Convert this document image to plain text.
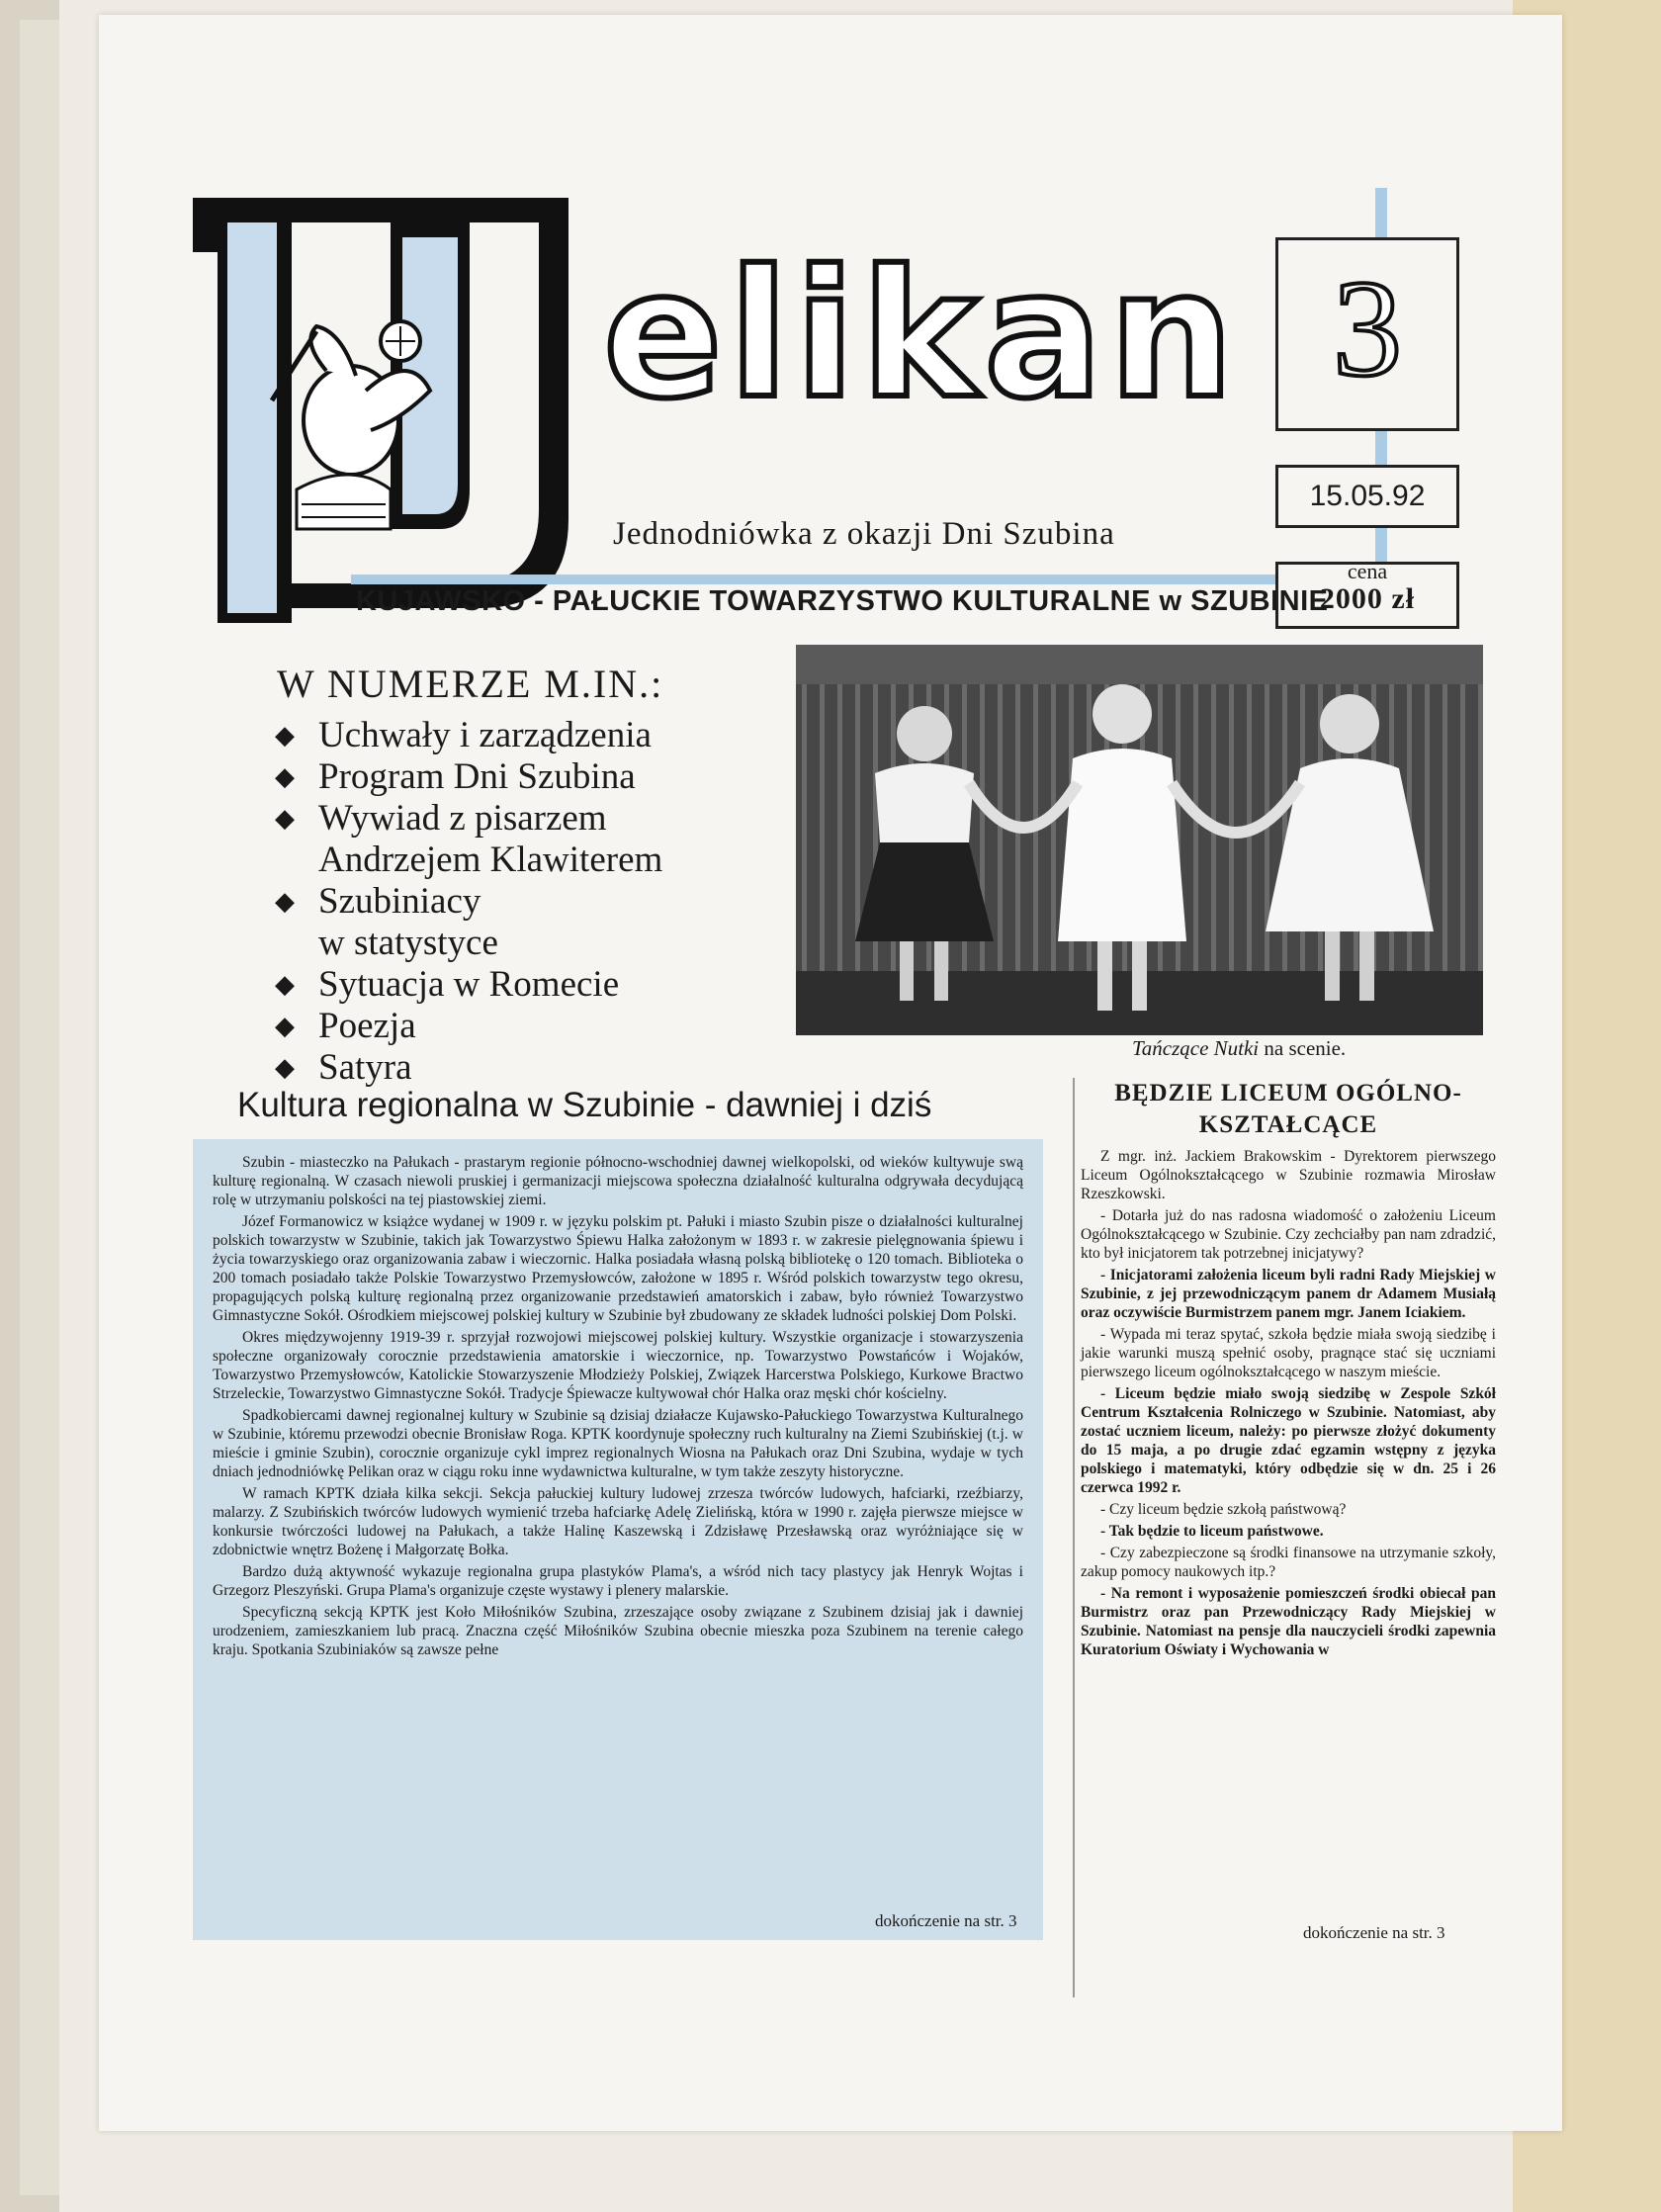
elikan 3
15.05.92
cena
2000 zł
Jednodniówka z okazji Dni Szubina
KUJAWSKO - PAŁUCKIE TOWARZYSTWO KULTURALNE w SZUBINIE
W NUMERZE M.IN.:
◆ Uchwały i zarządzenia
◆ Program Dni Szubina
◆ Wywiad z pisarzem
Andrzejem Klawiterem
◆ Szubiniacy
w statystyce
◆ Sytuacja w Romecie
◆ Poezja
◆ Satyra	Tańczące Nutki na scenie.
Kultura regionalna w Szubinie - dawniej i dziś

Szubin - miasteczko na Pałukach - prastarym regionie północno-wschodniej dawnej wielkopolski, od wieków kultywuje swą kulturę regionalną. W czasach niewoli pruskiej i germanizacji miejscowa społeczna działalność kulturalna odgrywała decydującą rolę w utrzymaniu polskości na tej piastowskiej ziemi.

Józef Formanowicz w książce wydanej w 1909 r. w języku polskim pt. Pałuki i miasto Szubin pisze o działalności kulturalnej polskich towarzystw w Szubinie, takich jak Towarzystwo Śpiewu Halka założonym w 1893 r. w zakresie pielęgnowania śpiewu i życia towarzyskiego oraz organizowania zabaw i wieczornic. Halka posiadała własną polską bibliotekę o 120 tomach. Biblioteka o 200 tomach posiadało także Polskie Towarzystwo Przemysłowców, założone w 1895 r. Wśród polskich towarzystw tego okresu, propagujących polską kulturę regionalną przez organizowanie przedstawień amatorskich i zabaw, było również Towarzystwo Gimnastyczne Sokół. Ośrodkiem miejscowej polskiej kultury w Szubinie był zbudowany ze składek ludności polskiej Dom Polski.

Okres międzywojenny 1919-39 r. sprzyjał rozwojowi miejscowej polskiej kultury. Wszystkie organizacje i stowarzyszenia społeczne organizowały corocznie przedstawienia amatorskie i wieczornice, np. Towarzystwo Powstańców i Wojaków, Towarzystwo Przemysłowców, Katolickie Stowarzyszenie Młodzieży Polskiej, Związek Harcerstwa Polskiego, Kurkowe Bractwo Strzeleckie, Towarzystwo Gimnastyczne Sokół. Tradycje Śpiewacze kultywował chór Halka oraz męski chór kościelny.

Spadkobiercami dawnej regionalnej kultury w Szubinie są dzisiaj działacze Kujawsko-Pałuckiego Towarzystwa Kulturalnego w Szubinie, któremu przewodzi obecnie Bronisław Roga. KPTK koordynuje społeczny ruch kulturalny na Ziemi Szubińskiej (t.j. w mieście i gminie Szubin), corocznie organizuje cykl imprez regionalnych Wiosna na Pałukach oraz Dni Szubina, wydaje w tych dniach jednodniówkę Pelikan oraz w ciągu roku inne wydawnictwa kulturalne, w tym także zeszyty historyczne.

W ramach KPTK działa kilka sekcji. Sekcja pałuckiej kultury ludowej zrzesza twórców ludowych, hafciarki, rzeźbiarzy, malarzy. Z Szubińskich twórców ludowych wymienić trzeba hafciarkę Adelę Zielińską, która w 1990 r. zajęła pierwsze miejsce w konkursie twórczości ludowej na Pałukach, a także Halinę Kaszewską i Zdzisławę Przesławską oraz wyróżniające się w zdobnictwie wnętrz Bożenę i Małgorzatę Bołka.

Bardzo dużą aktywność wykazuje regionalna grupa plastyków Plama's, a wśród nich tacy plastycy jak Henryk Wojtas i Grzegorz Pleszyński. Grupa Plama's organizuje częste wystawy i plenery malarskie.

Specyficzną sekcją KPTK jest Koło Miłośników Szubina, zrzeszające osoby związane z Szubinem dzisiaj jak i dawniej urodzeniem, zamieszkaniem lub pracą. Znaczna część Miłośników Szubina obecnie mieszka poza Szubinem na terenie całego kraju. Spotkania Szubiniaków są zawsze pełne

dokończenie na str. 3

BĘDZIE LICEUM OGÓLNO-
KSZTAŁCĄCE

Z mgr. inż. Jackiem Brakowskim - Dyrektorem pierwszego Liceum Ogólnokształcącego w Szubinie rozmawia Mirosław Rzeszkowski.

- Dotarła już do nas radosna wiadomość o założeniu Liceum Ogólnokształcącego w Szubinie. Czy zechciałby pan nam zdradzić, kto był inicjatorem tak potrzebnej inicjatywy?

- Inicjatorami założenia liceum byli radni Rady Miejskiej w Szubinie, z jej przewodniczącym panem dr Adamem Musiałą oraz oczywiście Burmistrzem panem mgr. Janem Iciakiem.

- Wypada mi teraz spytać, szkoła będzie miała swoją siedzibę i jakie warunki muszą spełnić osoby, pragnące stać się uczniami pierwszego liceum ogólnokształcącego w naszym mieście.

- Liceum będzie miało swoją siedzibę w Zespole Szkół Centrum Kształcenia Rolniczego w Szubinie. Natomiast, aby zostać uczniem liceum, należy: po pierwsze złożyć dokumenty do 15 maja, a po drugie zdać egzamin wstępny z języka polskiego i matematyki, który odbędzie się w dn. 25 i 26 czerwca 1992 r.

- Czy liceum będzie szkołą państwową?

- Tak będzie to liceum państwowe.

- Czy zabezpieczone są środki finansowe na utrzymanie szkoły, zakup pomocy naukowych itp.?

- Na remont i wyposażenie pomieszczeń środki obiecał pan Burmistrz oraz pan Przewodniczący Rady Miejskiej w Szubinie. Natomiast na pensje dla nauczycieli środki zapewnia Kuratorium Oświaty i Wychowania w

dokończenie na str. 3
